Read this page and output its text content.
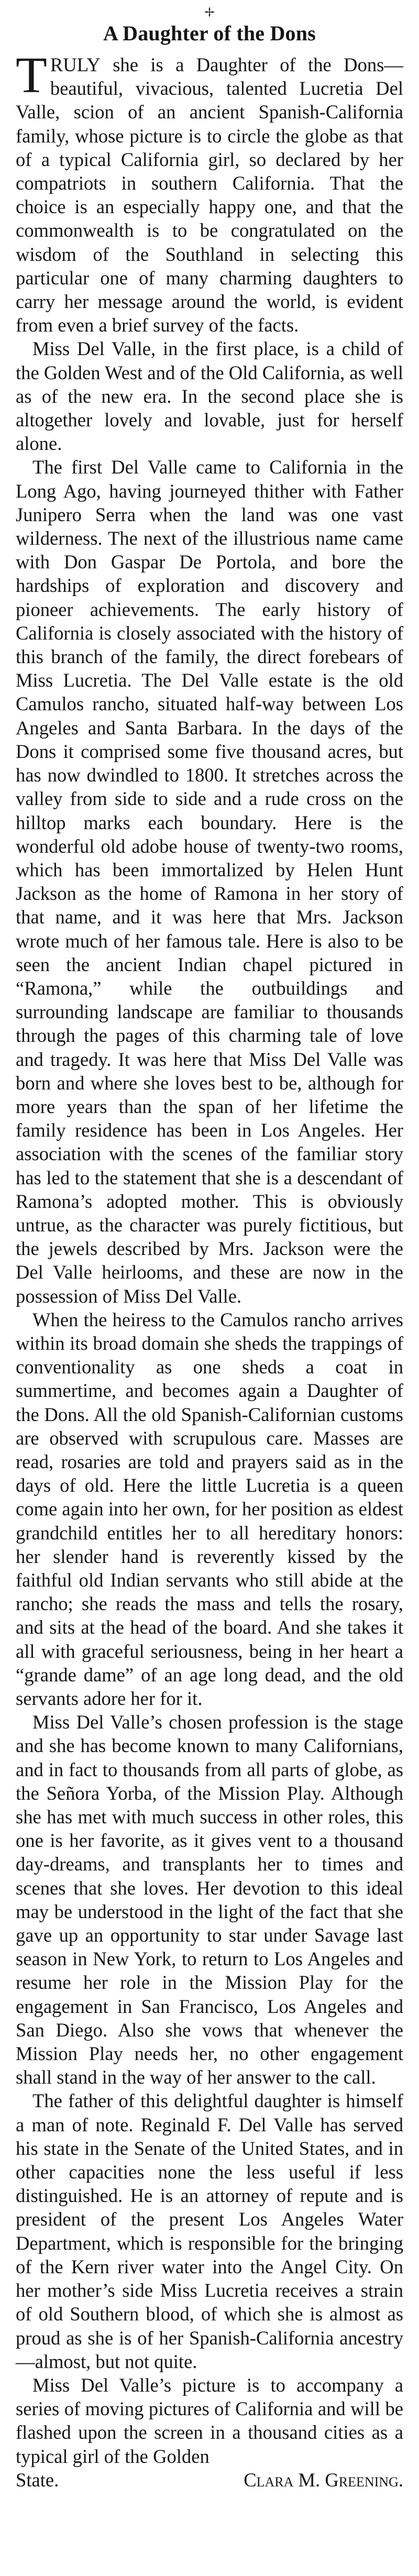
A Daughter of the Dons

TRULY she is a Daughter of the Dons—beautiful, vivacious, talented Lucretia Del Valle, scion of an ancient Spanish-California family, whose picture is to circle the globe as that of a typical California girl, so declared by her compatriots in southern California. That the choice is an especially happy one, and that the commonwealth is to be congratulated on the wisdom of the Southland in selecting this particular one of many charming daughters to carry her message around the world, is evident from even a brief survey of the facts.

Miss Del Valle, in the first place, is a child of the Golden West and of the Old California, as well as of the new era. In the second place she is altogether lovely and lovable, just for herself alone.

The first Del Valle came to California in the Long Ago, having journeyed thither with Father Junipero Serra when the land was one vast wilderness. The next of the illustrious name came with Don Gaspar De Portola, and bore the hardships of exploration and discovery and pioneer achievements. The early history of California is closely associated with the history of this branch of the family, the direct forebears of Miss Lucretia. The Del Valle estate is the old Camulos rancho, situated half-way between Los Angeles and Santa Barbara. In the days of the Dons it comprised some five thousand acres, but has now dwindled to 1800. It stretches across the valley from side to side and a rude cross on the hilltop marks each boundary. Here is the wonderful old adobe house of twenty-two rooms, which has been immortalized by Helen Hunt Jackson as the home of Ramona in her story of that name, and it was here that Mrs. Jackson wrote much of her famous tale. Here is also to be seen the ancient Indian chapel pictured in “Ramona,” while the outbuildings and surrounding landscape are familiar to thousands through the pages of this charming tale of love and tragedy. It was here that Miss Del Valle was born and where she loves best to be, although for more years than the span of her lifetime the family residence has been in Los Angeles. Her association with the scenes of the familiar story has led to the statement that she is a descendant of Ramona’s adopted mother. This is obviously untrue, as the character was purely fictitious, but the jewels described by Mrs. Jackson were the Del Valle heirlooms, and these are now in the possession of Miss Del Valle.

When the heiress to the Camulos rancho arrives within its broad domain she sheds the trappings of conventionality as one sheds a coat in summertime, and becomes again a Daughter of the Dons. All the old Spanish-Californian customs are observed with scrupulous care. Masses are read, rosaries are told and prayers said as in the days of old. Here the little Lucretia is a queen come again into her own, for her position as eldest grandchild entitles her to all hereditary honors: her slender hand is reverently kissed by the faithful old Indian servants who still abide at the rancho; she reads the mass and tells the rosary, and sits at the head of the board. And she takes it all with graceful seriousness, being in her heart a “grande dame” of an age long dead, and the old servants adore her for it.

Miss Del Valle’s chosen profession is the stage and she has become known to many Californians, and in fact to thousands from all parts of globe, as the Señora Yorba, of the Mission Play. Although she has met with much success in other roles, this one is her favorite, as it gives vent to a thousand day-dreams, and transplants her to times and scenes that she loves. Her devotion to this ideal may be understood in the light of the fact that she gave up an opportunity to star under Savage last season in New York, to return to Los Angeles and resume her role in the Mission Play for the engagement in San Francisco, Los Angeles and San Diego. Also she vows that whenever the Mission Play needs her, no other engagement shall stand in the way of her answer to the call.

The father of this delightful daughter is himself a man of note. Reginald F. Del Valle has served his state in the Senate of the United States, and in other capacities none the less useful if less distinguished. He is an attorney of repute and is president of the present Los Angeles Water Department, which is responsible for the bringing of the Kern river water into the Angel City. On her mother’s side Miss Lucretia receives a strain of old Southern blood, of which she is almost as proud as she is of her Spanish-California ancestry—almost, but not quite.

Miss Del Valle’s picture is to accompany a series of moving pictures of California and will be flashed upon the screen in a thousand cities as a typical girl of the Golden

State.	Clara M. Greening.
